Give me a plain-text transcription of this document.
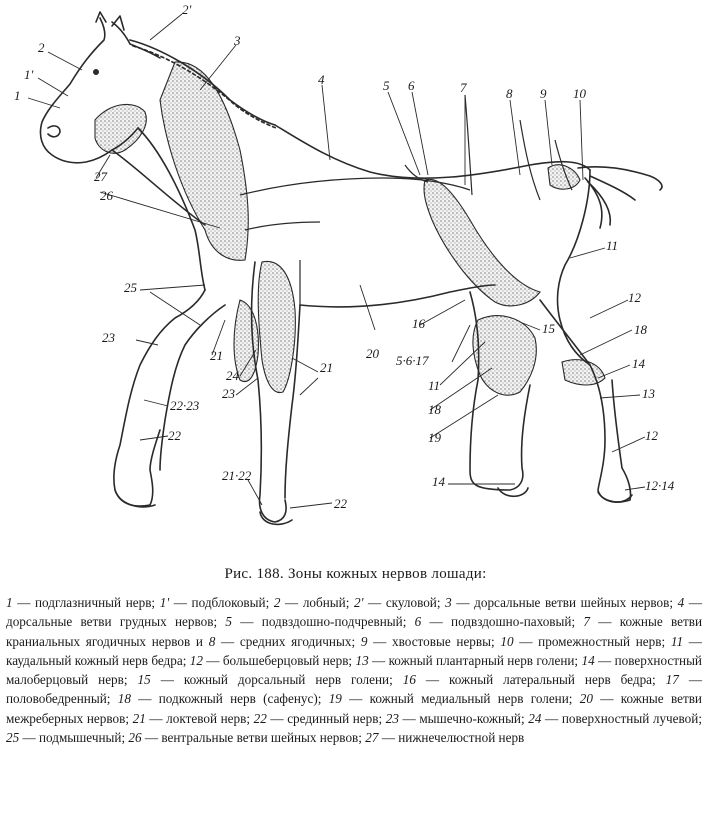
1
1'
2
2'
3
4	5 6	7	8 9 10
11
11
12
12
12·14
13
14
14
15
16
5·6·17
18
18
19
20
21
21
21·22
22
22
22·23
23
23
24
25
26
27
Рис. 188. Зоны кожных нервов лошади:
1 — подглазничный нерв; 1' — подблоковый; 2 — лобный; 2' — скуловой; 3 — дорсальные ветви шейных нервов; 4 — дорсальные ветви грудных нервов; 5 — подвздошно-подчревный; 6 — подвздошно-паховый; 7 — кожные ветви краниальных ягодичных нервов и 8 — средних ягодичных; 9 — хвостовые нервы; 10 — промежностный нерв; 11 — каудальный кожный нерв бедра; 12 — большеберцовый нерв; 13 — кожный плантарный нерв голени; 14 — поверхностный малоберцовый нерв; 15 — кожный дорсальный нерв голени; 16 — кожный латеральный нерв бедра; 17 — половобедренный; 18 — подкожный нерв (сафенус); 19 — кожный медиальный нерв голени; 20 — кожные ветви межреберных нервов; 21 — локтевой нерв; 22 — срединный нерв; 23 — мышечно-кожный; 24 — поверхностный лучевой; 25 — подмышечный; 26 — вентральные ветви шейных нервов; 27 — нижнечелюстной нерв
